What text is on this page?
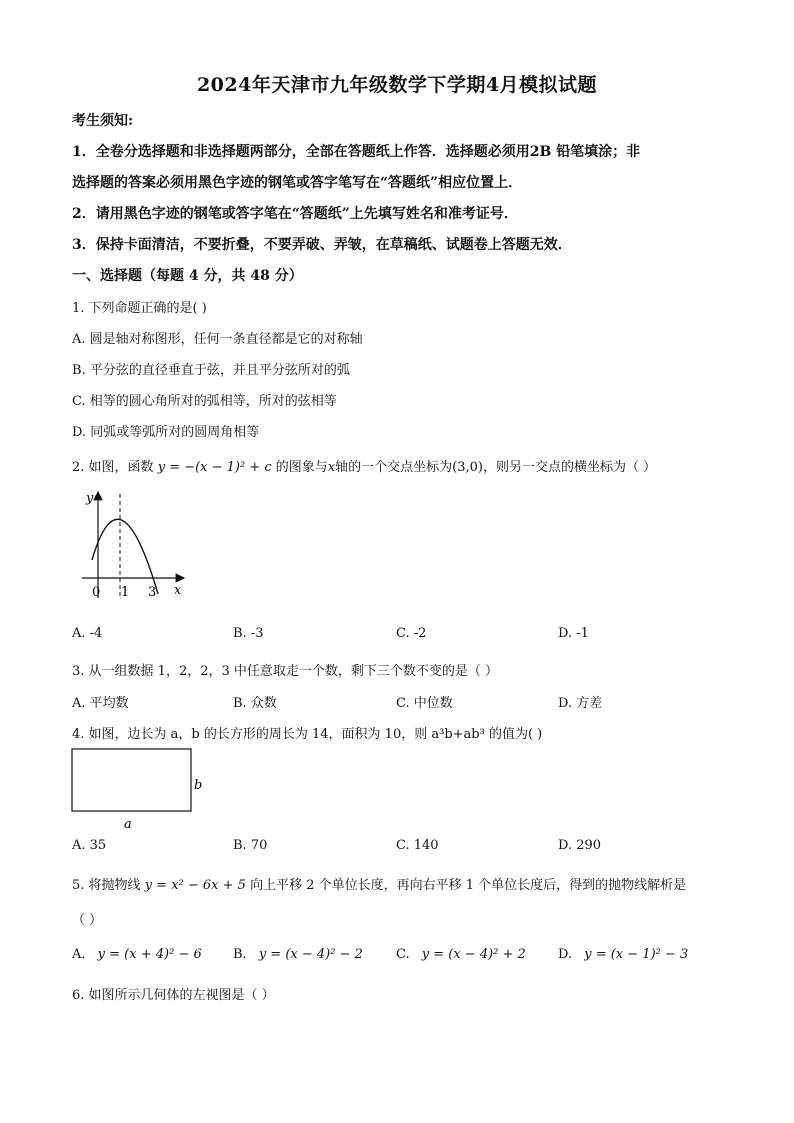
2024年天津市九年级数学下学期4月模拟试题
考生须知:
1．全卷分选择题和非选择题两部分，全部在答题纸上作答．选择题必须用2B 铅笔填涂；非
选择题的答案必须用黑色字迹的钢笔或答字笔写在“答题纸”相应位置上．
2．请用黑色字迹的钢笔或答字笔在“答题纸”上先填写姓名和准考证号．
3．保持卡面清洁，不要折叠，不要弄破、弄皱，在草稿纸、试题卷上答题无效．
一、选择题（每题 4 分，共 48 分）
1. 下列命题正确的是( )
A. 圆是轴对称图形，任何一条直径都是它的对称轴
B. 平分弦的直径垂直于弦，并且平分弦所对的弧
C. 相等的圆心角所对的弧相等，所对的弦相等
D. 同弧或等弧所对的圆周角相等
2. 如图，函数 y = −(x − 1)² + c 的图象与x轴的一个交点坐标为(3,0)，则另一交点的横坐标为（ ）
y
x
0 1 3
A. -4	B. -3	C. -2	D. -1
3. 从一组数据 1，2，2，3 中任意取走一个数，剩下三个数不变的是（ ）
A. 平均数	B. 众数	C. 中位数	D. 方差
4. 如图，边长为 a，b 的长方形的周长为 14，面积为 10，则 a³b+ab³ 的值为( )
b
a
A. 35	B. 70	C. 140	D. 290
5. 将抛物线 y = x² − 6x + 5 向上平移 2 个单位长度，再向右平移 1 个单位长度后，得到的抛物线解析是
（ ）
A. y = (x + 4)² − 6 B. y = (x − 4)² − 2	C. y = (x − 4)² + 2 D. y = (x − 1)² − 3
6. 如图所示几何体的左视图是（ ）
